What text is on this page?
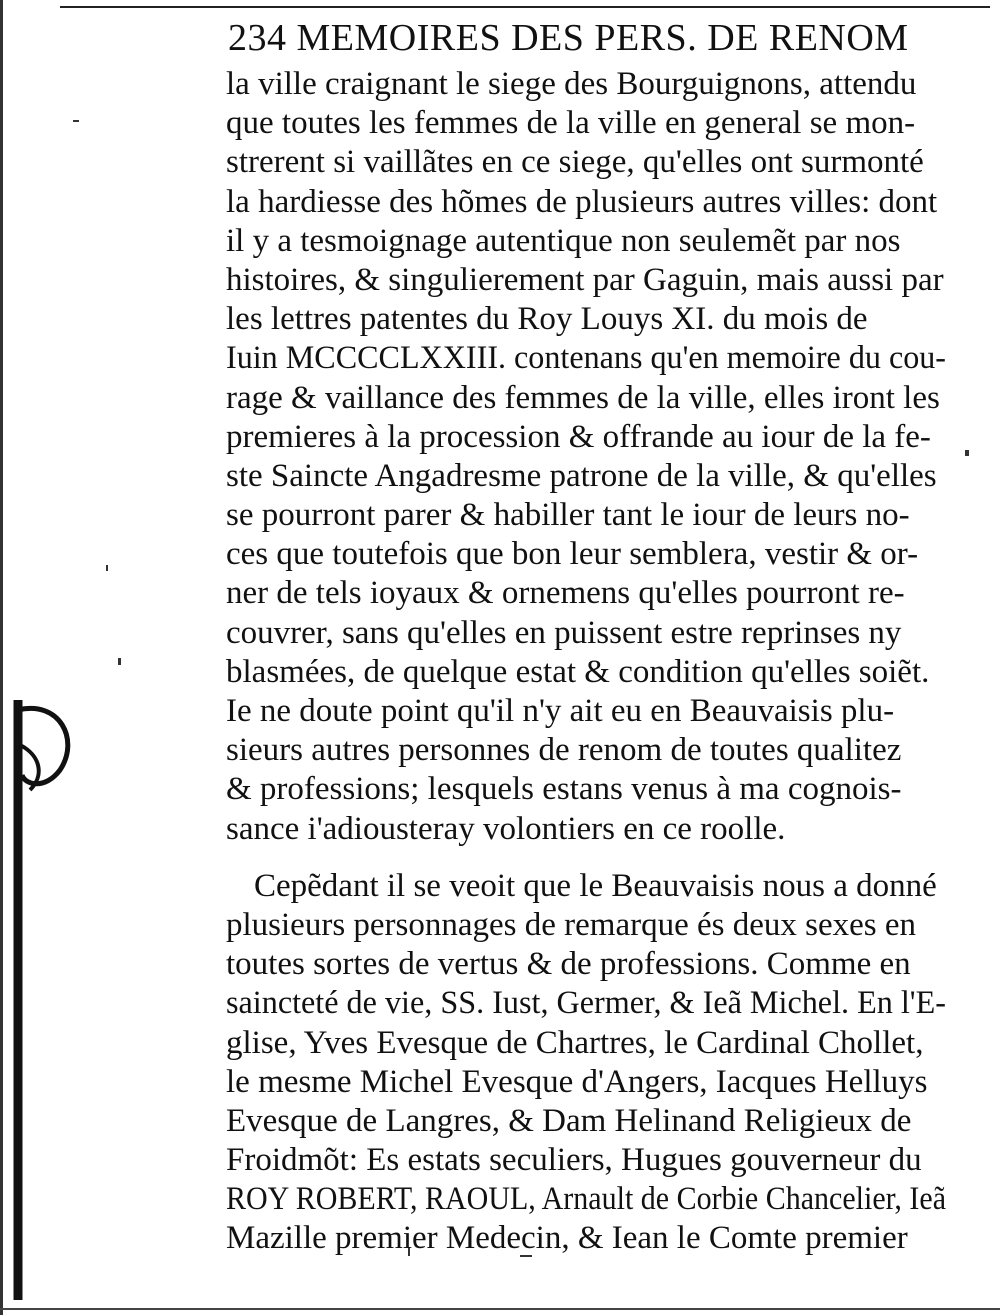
234 MEMOIRES DES PERS. DE RENOM
la ville craignant le siege des Bourguignons, attendu
que toutes les femmes de la ville en general se mon-
strerent si vaillãtes en ce siege, qu'elles ont surmonté
la hardiesse des hõmes de plusieurs autres villes: dont
il y a tesmoignage autentique non seulemẽt par nos
histoires, & singulierement par Gaguin, mais aussi par
les lettres patentes du Roy Louys XI. du mois de
Iuin MCCCCLXXIII. contenans qu'en memoire du cou-
rage & vaillance des femmes de la ville, elles iront les
premieres à la procession & offrande au iour de la fe-
ste Saincte Angadresme patrone de la ville, & qu'elles
se pourront parer & habiller tant le iour de leurs no-
ces que toutefois que bon leur semblera, vestir & or-
ner de tels ioyaux & ornemens qu'elles pourront re-
couvrer, sans qu'elles en puissent estre reprinses ny
blasmées, de quelque estat & condition qu'elles soiẽt.
Ie ne doute point qu'il n'y ait eu en Beauvaisis plu-
sieurs autres personnes de renom de toutes qualitez
& professions; lesquels estans venus à ma cognois-
sance i'adiousteray volontiers en ce roolle.
Cepẽdant il se veoit que le Beauvaisis nous a donné
plusieurs personnages de remarque és deux sexes en
toutes sortes de vertus & de professions. Comme en
saincteté de vie, SS. Iust, Germer, & Ieã Michel. En l'E-
glise, Yves Evesque de Chartres, le Cardinal Chollet,
le mesme Michel Evesque d'Angers, Iacques Helluys
Evesque de Langres, & Dam Helinand Religieux de
Froidmõt: Es estats seculiers, Hugues gouverneur du
ROY ROBERT, RAOUL, Arnault de Corbie Chancelier, Ieã
Mazille premier Medecin, & Iean le Comte premier
